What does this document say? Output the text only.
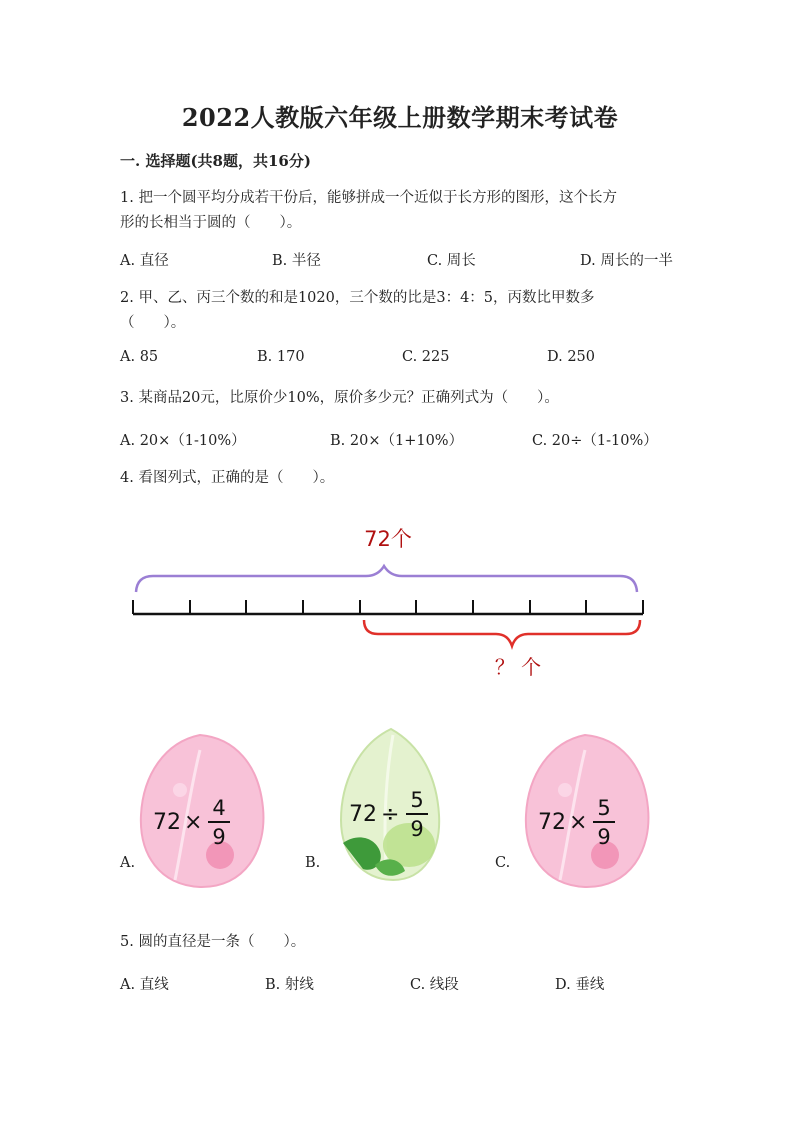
2022人教版六年级上册数学期末考试卷
一. 选择题(共8题，共16分)
1. 把一个圆平均分成若干份后，能够拼成一个近似于长方形的图形，这个长方
形的长相当于圆的（　　）。
A. 直径	B. 半径	C. 周长	D. 周长的一半
2. 甲、乙、丙三个数的和是1020，三个数的比是3：4：5，丙数比甲数多
（　　）。
A. 85	B. 170	C. 225	D. 250
3. 某商品20元，比原价少10%，原价多少元？正确列式为（　　）。
A. 20×（1-10%）	B. 20×（1+10%）	C. 20÷（1-10%）
4. 看图列式，正确的是（　　）。
72个
？ 个
A.
72 ×
4
9
B.
72 ÷
5
9
C.
72 ×
5
9
5. 圆的直径是一条（　　）。
A. 直线	B. 射线	C. 线段	D. 垂线
